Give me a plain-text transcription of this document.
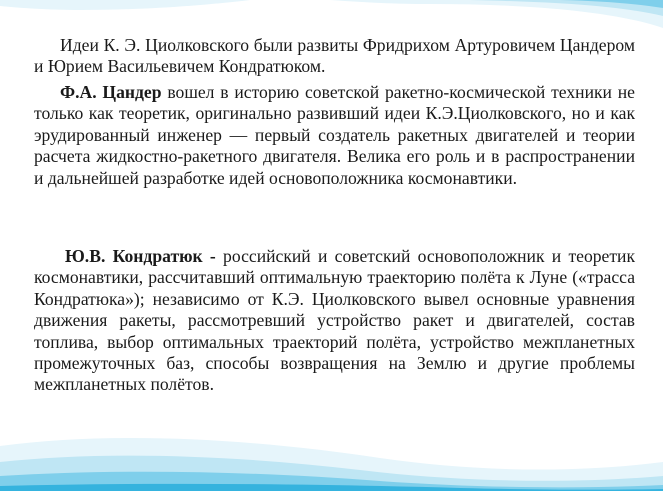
Идеи К. Э. Циолковского были развиты Фридрихом Артуровичем Цандером и Юрием Васильевичем Кондратюком.

Ф.А. Цандер вошел в историю советской ракетно-космической техники не только как теоретик, оригинально развивший идеи К.Э.Циолковского, но и как эрудированный инженер — первый создатель ракетных двигателей и теории расчета жидкостно-ракетного двигателя. Велика его роль и в распространении и дальнейшей разработке идей основоположника космонавтики.

Ю.В. Кондратюк - российский и советский основоположник и теоретик космонавтики, рассчитавший оптимальную траекторию полёта к Луне («трасса Кондратюка»); независимо от К.Э. Циолковского вывел основные уравнения движения ракеты, рассмотревший устройство ракет и двигателей, состав топлива, выбор оптимальных траекторий полёта, устройство межпланетных промежуточных баз, способы возвращения на Землю и другие проблемы межпланетных полётов.
